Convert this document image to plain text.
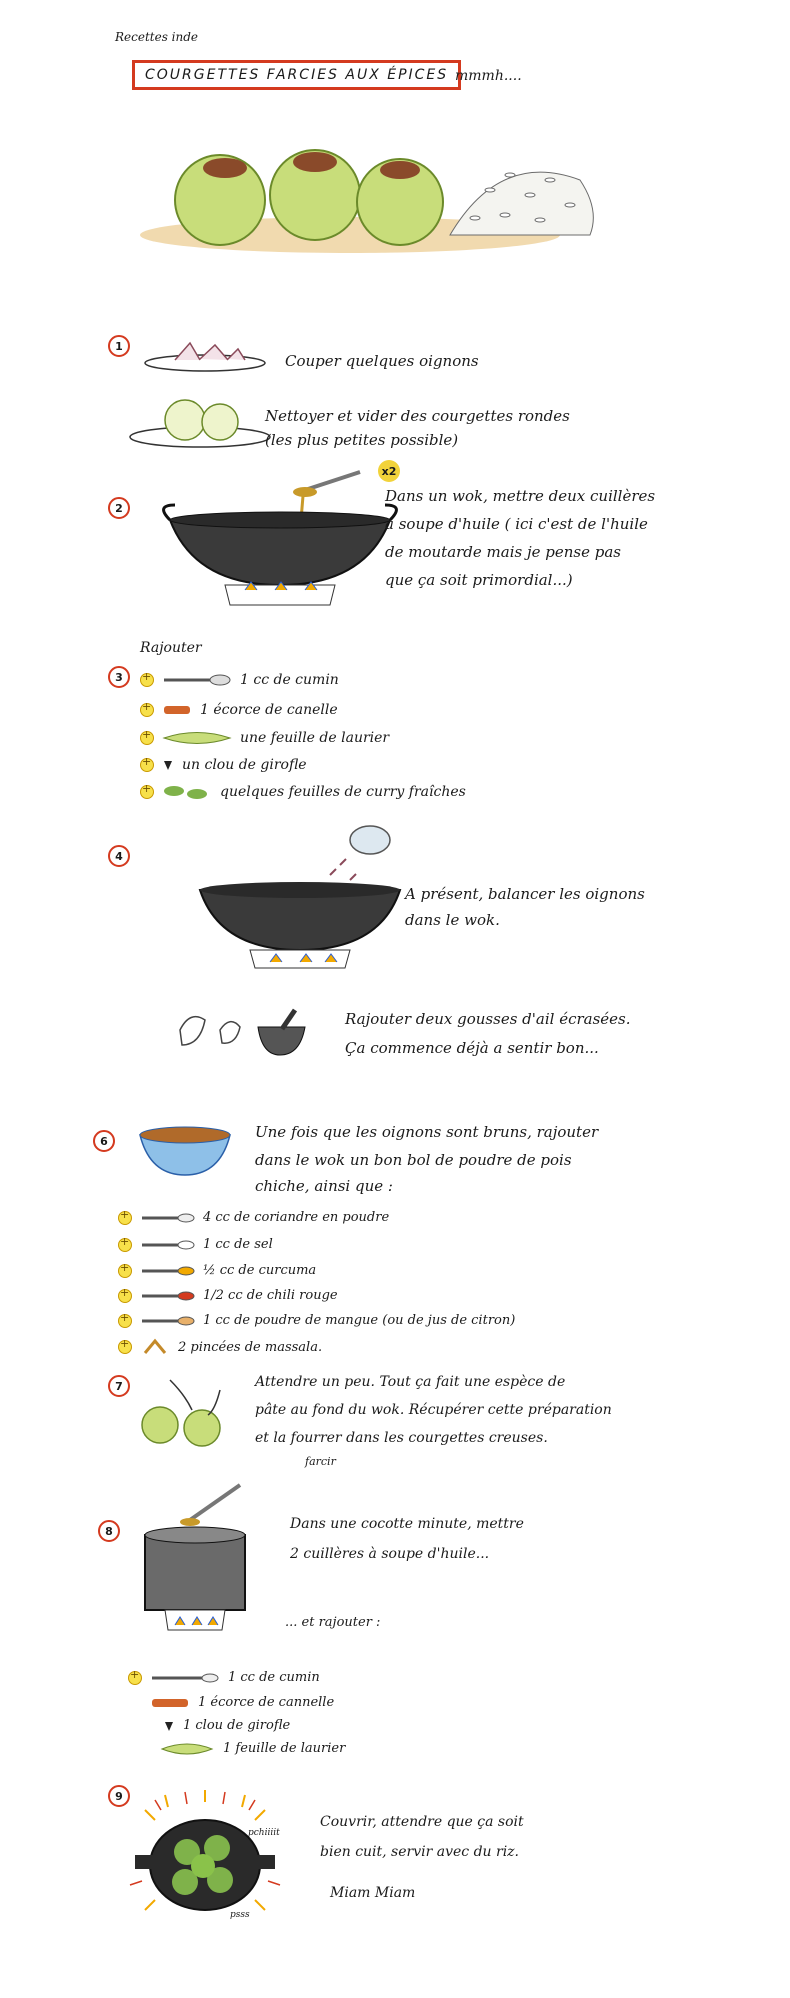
Recettes inde
COURGETTES FARCIES AUX ÉPICES mmmh....
1
Couper quelques oignons
Nettoyer et vider des courgettes rondes
(les plus petites possible)
2
x2
Dans un wok, mettre deux cuillères
a soupe d'huile ( ici c'est de l'huile
de moutarde mais je pense pas
que ça soit primordial...)
Rajouter
3
+	1 cc de cumin
+
1 écorce de canelle
+
une feuille de laurier
+
un clou de girofle
+
quelques feuilles de curry fraîches
4
A présent, balancer les oignons
dans le wok.
Rajouter deux gousses d'ail écrasées.
Ça commence déjà a sentir bon...
6	Une fois que les oignons sont bruns, rajouter
dans le wok un bon bol de poudre de pois
chiche, ainsi que :
+
4 cc de coriandre en poudre
+
1 cc de sel
+
½ cc de curcuma
+
1/2 cc de chili rouge
+
1 cc de poudre de mangue (ou de jus de citron)
+
2 pincées de massala.
7	Attendre un peu. Tout ça fait une espèce de
pâte au fond du wok. Récupérer cette préparation
et la fourrer dans les courgettes creuses.
farcir
8	Dans une cocotte minute, mettre
2 cuillères à soupe d'huile...
... et rajouter :
+
1 cc de cumin
1 écorce de cannelle
1 clou de girofle
1 feuille de laurier
9
pchiiiit
psss
Couvrir, attendre que ça soit
bien cuit, servir avec du riz.
Miam Miam
